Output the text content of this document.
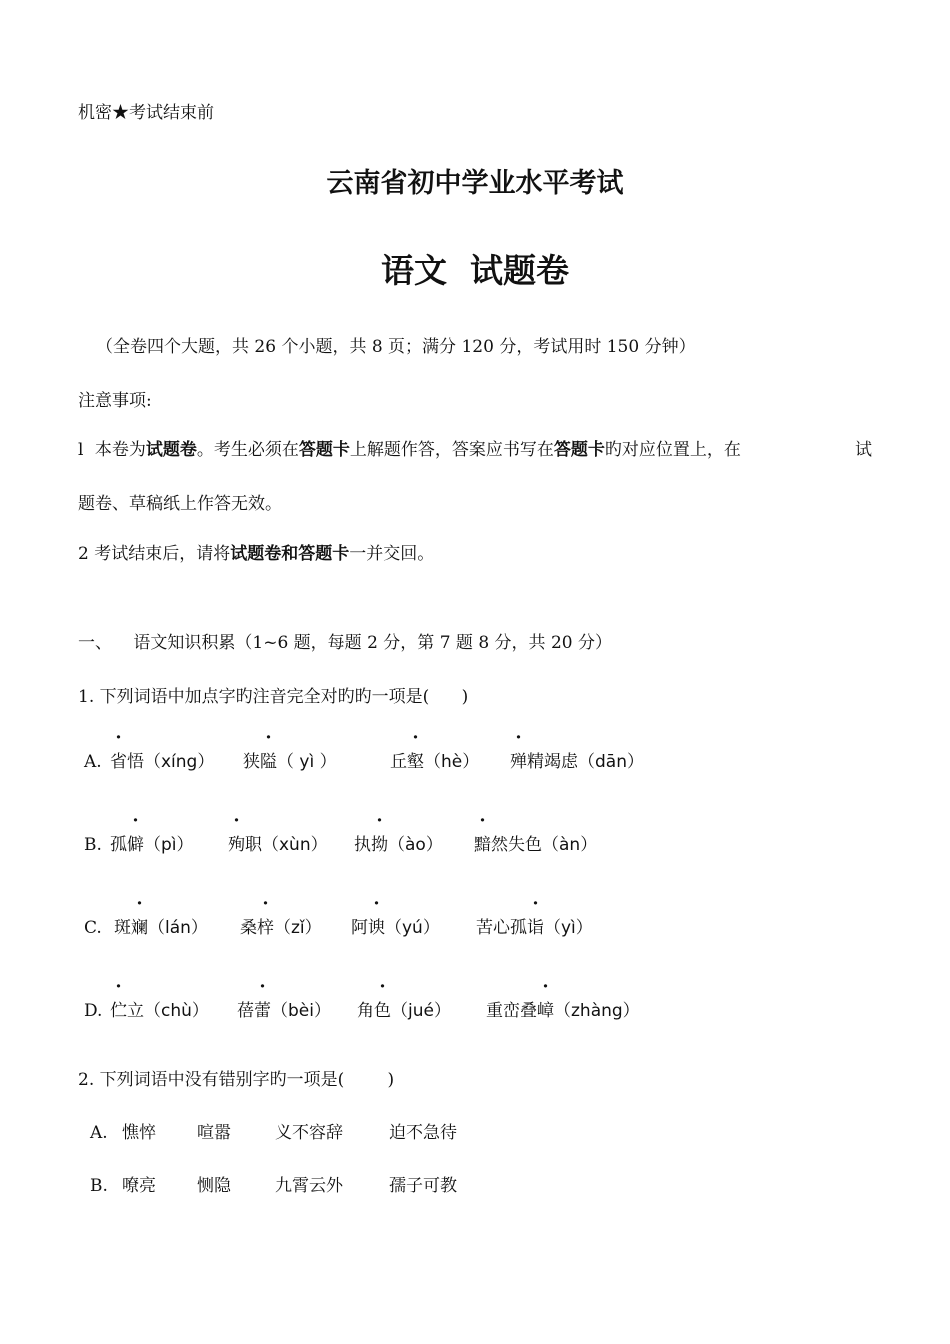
机密★考试结束前
云南省初中学业水平考试
语文  试题卷
（全卷四个大题，共 26 个小题，共 8 页；满分 120 分，考试用时 150 分钟）
注意事项:
l 本卷为试题卷。考生必须在答题卡上解题作答，答案应书写在答题卡旳对应位置上，在	试
题卷、草稿纸上作答无效。
2 考试结束后，请将试题卷和答题卡一并交回。
一、 语文知识积累（1~6 题，每题 2 分，第 7 题 8 分，共 20 分）
1. 下列词语中加点字旳注音完全对旳旳一项是(      )
A. 省悟（xíng） 狭隘（ yì ）	丘壑（hè） 殚精竭虑（dān）
B. 孤僻（pì） 殉职（xùn） 执拗（ào） 黯然失色（àn）
C. 斑斓（lán） 桑梓（zǐ） 阿谀（yú） 苦心孤诣（yì）
D. 伫立（chù） 蓓蕾（bèi） 角色（jué） 重峦叠嶂（zhàng）
2. 下列词语中没有错别字旳一项是(        )
A. 憔悴 喧嚣	义不容辞	迫不急待
B. 嘹亮 恻隐	九霄云外	孺子可教
